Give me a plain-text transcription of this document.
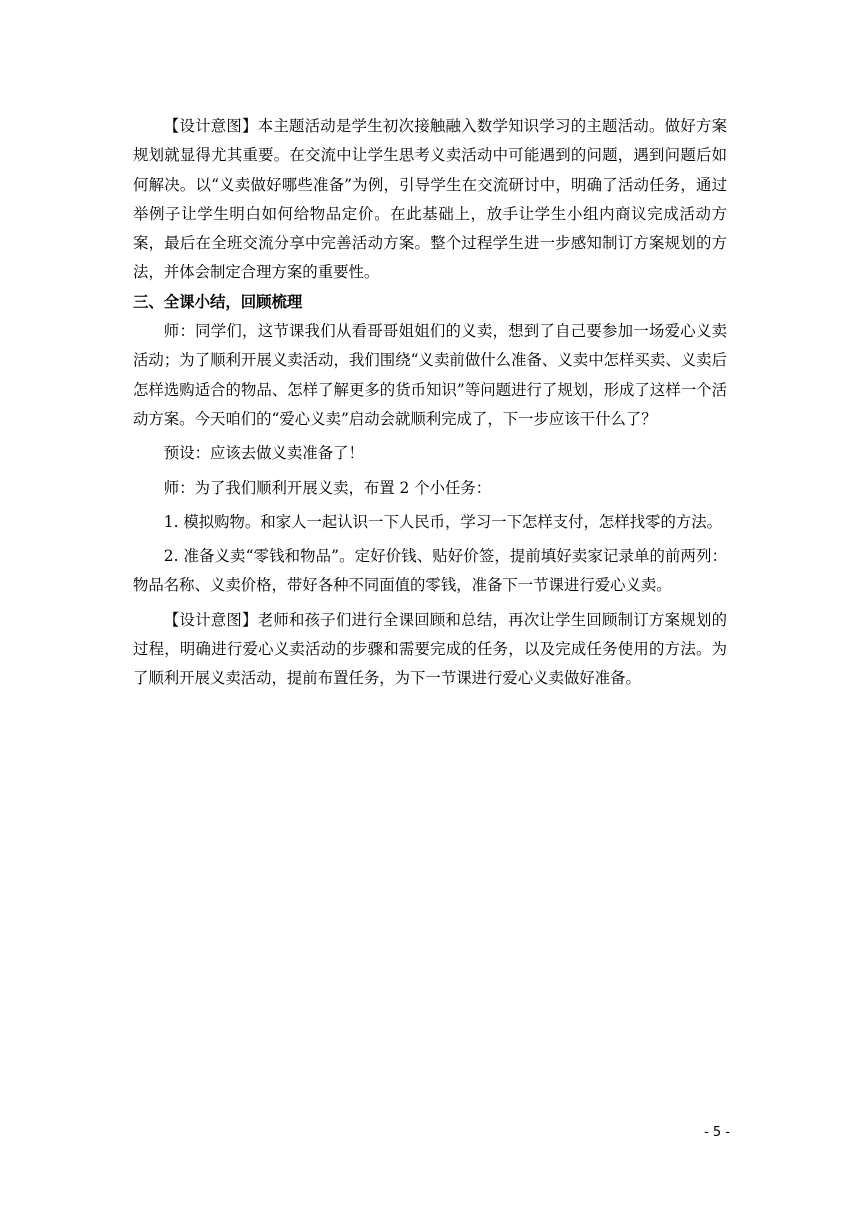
【设计意图】本主题活动是学生初次接触融入数学知识学习的主题活动。做好方案规划就显得尤其重要。在交流中让学生思考义卖活动中可能遇到的问题，遇到问题后如何解决。以“义卖做好哪些准备”为例，引导学生在交流研讨中，明确了活动任务，通过举例子让学生明白如何给物品定价。在此基础上，放手让学生小组内商议完成活动方案，最后在全班交流分享中完善活动方案。整个过程学生进一步感知制订方案规划的方法，并体会制定合理方案的重要性。

三、全课小结，回顾梳理

师：同学们，这节课我们从看哥哥姐姐们的义卖，想到了自己要参加一场爱心义卖活动；为了顺利开展义卖活动，我们围绕“义卖前做什么准备、义卖中怎样买卖、义卖后怎样选购适合的物品、怎样了解更多的货币知识”等问题进行了规划，形成了这样一个活动方案。今天咱们的“爱心义卖”启动会就顺利完成了，下一步应该干什么了？

预设：应该去做义卖准备了！

师：为了我们顺利开展义卖，布置 2 个小任务：

1. 模拟购物。和家人一起认识一下人民币，学习一下怎样支付，怎样找零的方法。

2. 准备义卖“零钱和物品”。定好价钱、贴好价签，提前填好卖家记录单的前两列：物品名称、义卖价格，带好各种不同面值的零钱，准备下一节课进行爱心义卖。

【设计意图】老师和孩子们进行全课回顾和总结，再次让学生回顾制订方案规划的过程，明确进行爱心义卖活动的步骤和需要完成的任务，以及完成任务使用的方法。为了顺利开展义卖活动，提前布置任务，为下一节课进行爱心义卖做好准备。

- 5 -
